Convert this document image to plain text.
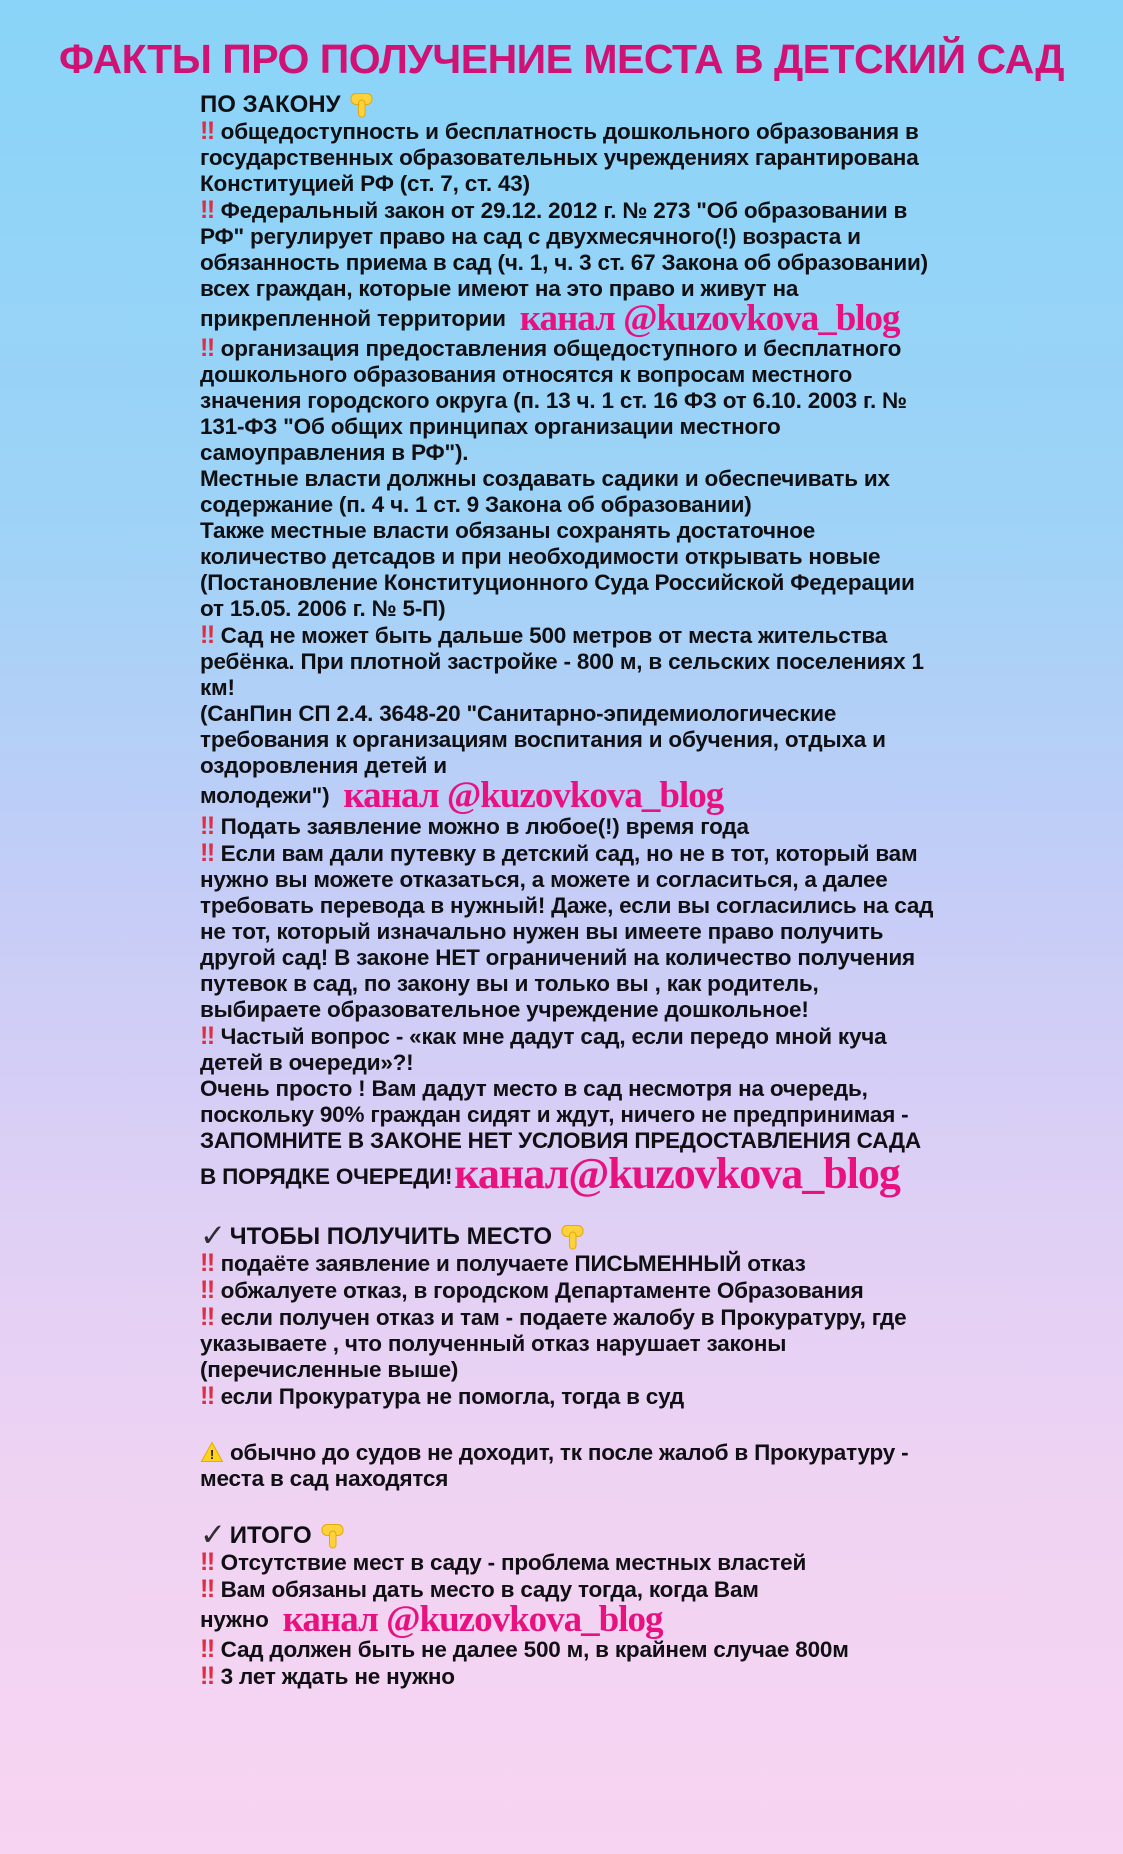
ФАКТЫ ПРО ПОЛУЧЕНИЕ МЕСТА В ДЕТСКИЙ САД

ПО ЗАКОНУ

!! общедоступность и бесплатность дошкольного образования в государственных образовательных учреждениях гарантирована Конституцией РФ (ст. 7, ст. 43)

!! Федеральный закон от 29.12. 2012 г. № 273 "Об образовании в РФ" регулирует право на сад с двухмесячного(!) возраста и обязанность приема в сад (ч. 1, ч. 3 ст. 67 Закона об образовании) всех граждан, которые имеют на это право и живут на прикрепленной территории канал @kuzovkova_blog

!! организация предоставления общедоступного и бесплатного дошкольного образования относятся к вопросам местного значения городского округа (п. 13 ч. 1 ст. 16 ФЗ от 6.10. 2003 г. № 131-ФЗ "Об общих принципах организации местного самоуправления в РФ").

Местные власти должны создавать садики и обеспечивать их содержание (п. 4 ч. 1 ст. 9 Закона об образовании)

Также местные власти обязаны сохранять достаточное количество детсадов и при необходимости открывать новые (Постановление Конституционного Суда Российской Федерации от 15.05. 2006 г. № 5-П)

!! Сад не может быть дальше 500 метров от места жительства ребёнка. При плотной застройке - 800 м, в сельских поселениях 1 км!

(СанПин СП 2.4. 3648-20 "Санитарно-эпидемиологические требования к организациям воспитания и обучения, отдыха и оздоровления детей и молодежи") канал @kuzovkova_blog

!! Подать заявление можно в любое(!) время года

!! Если вам дали путевку в детский сад, но не в тот, который вам нужно вы можете отказаться, а можете и согласиться, а далее требовать перевода в нужный! Даже, если вы согласились на сад не тот, который изначально нужен вы имеете право получить другой сад! В законе НЕТ ограничений на количество получения путевок в сад, по закону вы и только вы , как родитель, выбираете образовательное учреждение дошкольное!

!! Частый вопрос - «как мне дадут сад, если передо мной куча детей в очереди»?!

Очень просто ! Вам дадут место в сад несмотря на очередь, поскольку 90% граждан сидят и ждут, ничего не предпринимая - ЗАПОМНИТЕ В ЗАКОНЕ НЕТ УСЛОВИЯ ПРЕДОСТАВЛЕНИЯ САДА В ПОРЯДКЕ ОЧЕРЕДИ!канал@kuzovkova_blog

✓ ЧТОБЫ ПОЛУЧИТЬ МЕСТО

!! подаёте заявление и получаете ПИСЬМЕННЫЙ отказ

!! обжалуете отказ, в городском Департаменте Образования

!! если получен отказ и там - подаете жалобу в Прокуратуру, где указываете , что полученный отказ нарушает законы (перечисленные выше)

!! если Прокуратура не помогла, тогда в суд

! обычно до судов не доходит, тк после жалоб в Прокуратуру - места в сад находятся

✓ ИТОГО

!! Отсутствие мест в саду - проблема местных властей

!! Вам обязаны дать место в саду тогда, когда Вам нужно канал @kuzovkova_blog

!! Сад должен быть не далее 500 м, в крайнем случае 800м

!! 3 лет ждать не нужно
